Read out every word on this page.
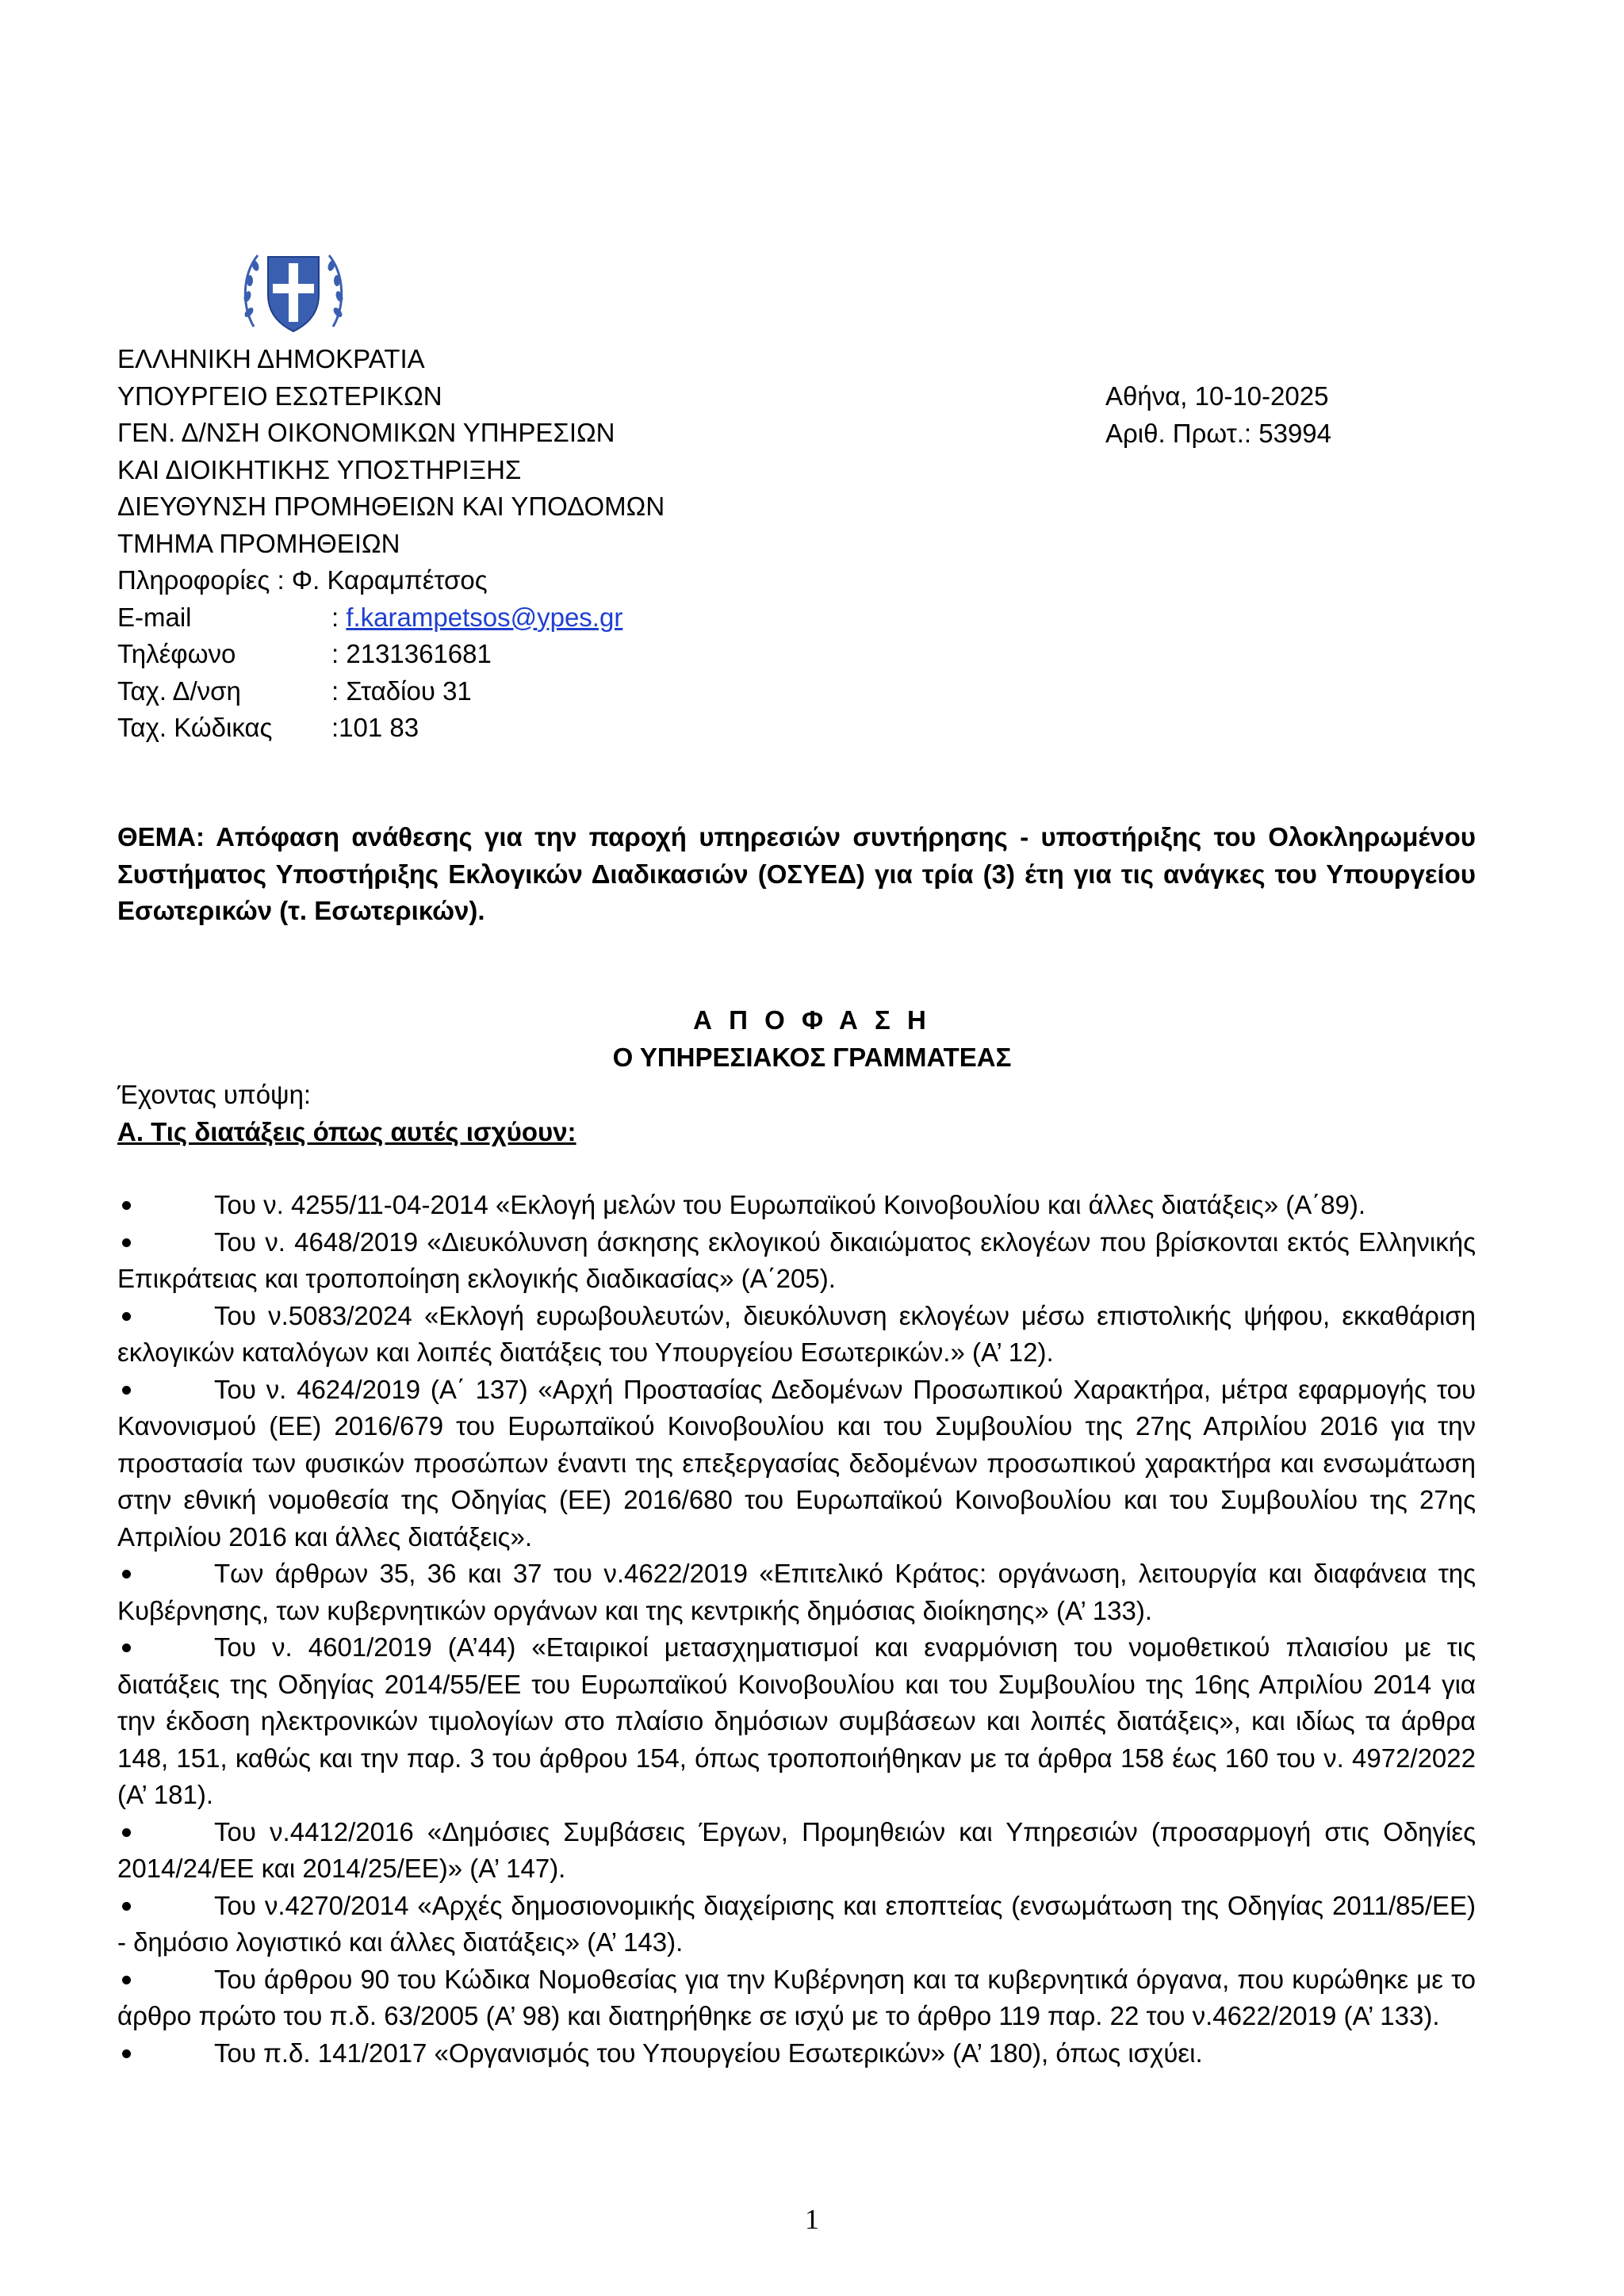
ΕΛΛΗΝΙΚΗ ΔΗΜΟΚΡΑΤΙΑ
ΥΠΟΥΡΓΕΙΟ ΕΣΩΤΕΡΙΚΩΝ
ΓΕΝ. Δ/ΝΣΗ ΟΙΚΟΝΟΜΙΚΩΝ ΥΠΗΡΕΣΙΩΝ
ΚΑΙ ΔΙΟΙΚΗΤΙΚΗΣ ΥΠΟΣΤΗΡΙΞΗΣ
ΔΙΕΥΘΥΝΣΗ ΠΡΟΜΗΘΕΙΩΝ ΚΑΙ ΥΠΟΔΟΜΩΝ
ΤΜΗΜΑ ΠΡΟΜΗΘΕΙΩΝ
Πληροφορίες : Φ. Καραμπέτσος
E-mail	: f.karampetsos@ypes.gr
Τηλέφωνο	: 2131361681
Ταχ. Δ/νση	: Σταδίου 31
Ταχ. Κώδικας	:101 83
Αθήνα, 10-10-2025
Αριθ. Πρωτ.: 53994
ΘΕΜΑ: Απόφαση ανάθεσης για την παροχή υπηρεσιών συντήρησης - υποστήριξης του Ολοκληρωμένου Συστήματος Υποστήριξης Εκλογικών Διαδικασιών (ΟΣΥΕΔ) για τρία (3) έτη για τις ανάγκες του Υπουργείου Εσωτερικών (τ. Εσωτερικών).
Α Π Ο Φ Α Σ Η
Ο ΥΠΗΡΕΣΙΑΚΟΣ ΓΡΑΜΜΑΤΕΑΣ
Έχοντας υπόψη:
Α. Τις διατάξεις όπως αυτές ισχύουν:
Του ν. 4255/11-04-2014 «Εκλογή μελών του Ευρωπαϊκού Κοινοβουλίου και άλλες διατάξεις» (Α΄89).
Του ν. 4648/2019 «Διευκόλυνση άσκησης εκλογικού δικαιώματος εκλογέων που βρίσκονται εκτός Ελληνικής Επικράτειας και τροποποίηση εκλογικής διαδικασίας» (Α΄205).
Του ν.5083/2024 «Εκλογή ευρωβουλευτών, διευκόλυνση εκλογέων μέσω επιστολικής ψήφου, εκκαθάριση εκλογικών καταλόγων και λοιπές διατάξεις του Υπουργείου Εσωτερικών.» (Α’ 12).
Του ν. 4624/2019 (Α΄ 137) «Αρχή Προστασίας Δεδομένων Προσωπικού Χαρακτήρα, μέτρα εφαρμογής του Κανονισμού (ΕΕ) 2016/679 του Ευρωπαϊκού Κοινοβουλίου και του Συμβουλίου της 27ης Απριλίου 2016 για την προστασία των φυσικών προσώπων έναντι της επεξεργασίας δεδομένων προσωπικού χαρακτήρα και ενσωμάτωση στην εθνική νομοθεσία της Οδηγίας (ΕΕ) 2016/680 του Ευρωπαϊκού Κοινοβουλίου και του Συμβουλίου της 27ης Απριλίου 2016 και άλλες διατάξεις».
Των άρθρων 35, 36 και 37 του ν.4622/2019 «Επιτελικό Κράτος: οργάνωση, λειτουργία και διαφάνεια της Κυβέρνησης, των κυβερνητικών οργάνων και της κεντρικής δημόσιας διοίκησης» (Α’ 133).
Του ν. 4601/2019 (Α’44) «Εταιρικοί μετασχηματισμοί και εναρμόνιση του νομοθετικού πλαισίου με τις διατάξεις της Οδηγίας 2014/55/ΕΕ του Ευρωπαϊκού Κοινοβουλίου και του Συμβουλίου της 16ης Απριλίου 2014 για την έκδοση ηλεκτρονικών τιμολογίων στο πλαίσιο δημόσιων συμβάσεων και λοιπές διατάξεις», και ιδίως τα άρθρα 148, 151, καθώς και την παρ. 3 του άρθρου 154, όπως τροποποιήθηκαν με τα άρθρα 158 έως 160 του ν. 4972/2022 (Α’ 181).
Του ν.4412/2016 «Δημόσιες Συμβάσεις Έργων, Προμηθειών και Υπηρεσιών (προσαρμογή στις Οδηγίες 2014/24/ΕΕ και 2014/25/ΕΕ)» (Α’ 147).
Του ν.4270/2014 «Αρχές δημοσιονομικής διαχείρισης και εποπτείας (ενσωμάτωση της Οδηγίας 2011/85/ΕΕ) - δημόσιο λογιστικό και άλλες διατάξεις» (Α’ 143).
Του άρθρου 90 του Κώδικα Νομοθεσίας για την Κυβέρνηση και τα κυβερνητικά όργανα, που κυρώθηκε με το άρθρο πρώτο του π.δ. 63/2005 (Α’ 98) και διατηρήθηκε σε ισχύ με το άρθρο 119 παρ. 22 του ν.4622/2019 (Α’ 133).
Του π.δ. 141/2017 «Οργανισμός του Υπουργείου Εσωτερικών» (Α’ 180), όπως ισχύει.
1
